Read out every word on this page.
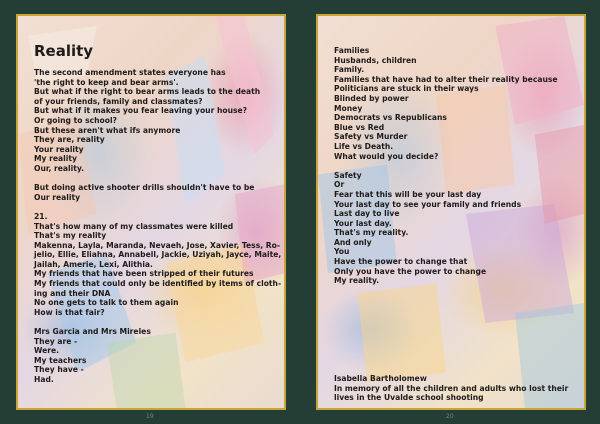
Reality
The second amendment states everyone has
'the right to keep and bear arms'.
But what if the right to bear arms leads to the death
of your friends, family and classmates?
But what if it makes you fear leaving your house?
Or going to school?
But these aren't what ifs anymore
They are, reality
Your reality
My reality
Our, reality.
But doing active shooter drills shouldn't have to be
Our reality
21.
That's how many of my classmates were killed
That's my reality
Makenna, Layla, Maranda, Nevaeh, Jose, Xavier, Tess, Ro-
jelio, Ellie, Eliahna, Annabell, Jackie, Uziyah, Jayce, Maite,
Jailah, Amerie, Lexi, Alithia.
My friends that have been stripped of their futures
My friends that could only be identified by items of cloth-
ing and their DNA
No one gets to talk to them again
How is that fair?
Mrs Garcia and Mrs Mireles
They are -
Were.
My teachers
They have -
Had.
Families
Husbands, children
Family.
Families that have had to alter their reality because
Politicians are stuck in their ways
Blinded by power
Money
Democrats vs Republicans
Blue vs Red
Safety vs Murder
Life vs Death.
What would you decide?
Safety
Or
Fear that this will be your last day
Your last day to see your family and friends
Last day to live
Your last day.
That's my reality.
And only
You
Have the power to change that
Only you have the power to change
My reality.
Isabella Bartholomew
In memory of all the children and adults who lost their
lives in the Uvalde school shooting
19	20
